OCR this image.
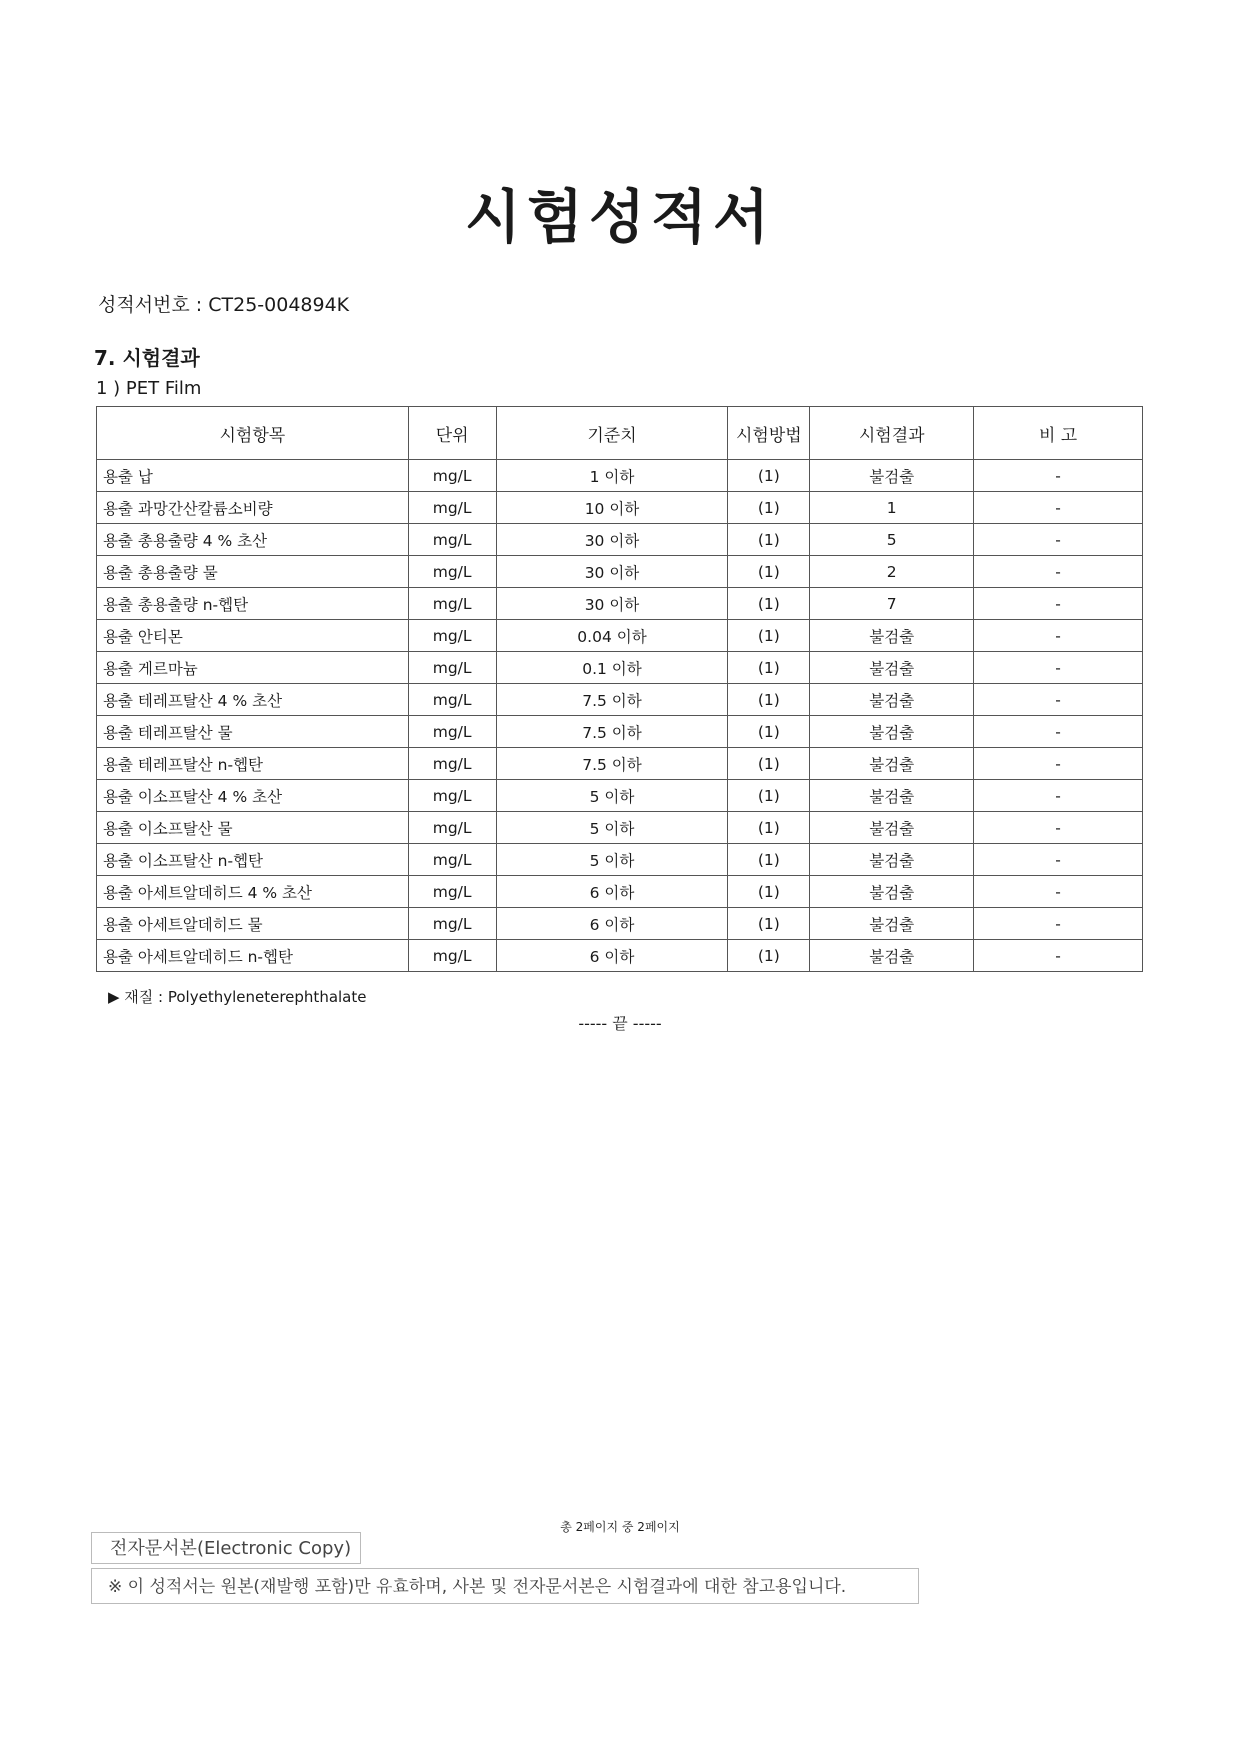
시험성적서
성적서번호 : CT25-004894K
7. 시험결과
1 ) PET Film
시험항목	단위	기준치	시험방법	시험결과	비 고
용출 납	mg/L	1 이하	(1)	불검출	-
용출 과망간산칼륨소비량	mg/L	10 이하	(1)	1	-
용출 총용출량 4 % 초산	mg/L	30 이하	(1)	5	-
용출 총용출량 물	mg/L	30 이하	(1)	2	-
용출 총용출량 n-헵탄	mg/L	30 이하	(1)	7	-
용출 안티몬	mg/L	0.04 이하	(1)	불검출	-
용출 게르마늄	mg/L	0.1 이하	(1)	불검출	-
용출 테레프탈산 4 % 초산	mg/L	7.5 이하	(1)	불검출	-
용출 테레프탈산 물	mg/L	7.5 이하	(1)	불검출	-
용출 테레프탈산 n-헵탄	mg/L	7.5 이하	(1)	불검출	-
용출 이소프탈산 4 % 초산	mg/L	5 이하	(1)	불검출	-
용출 이소프탈산 물	mg/L	5 이하	(1)	불검출	-
용출 이소프탈산 n-헵탄	mg/L	5 이하	(1)	불검출	-
용출 아세트알데히드 4 % 초산	mg/L	6 이하	(1)	불검출	-
용출 아세트알데히드 물	mg/L	6 이하	(1)	불검출	-
용출 아세트알데히드 n-헵탄	mg/L	6 이하	(1)	불검출	-
▶ 재질 : Polyethyleneterephthalate
----- 끝 -----
총 2페이지 중 2페이지
전자문서본(Electronic Copy)
※ 이 성적서는 원본(재발행 포함)만 유효하며, 사본 및 전자문서본은 시험결과에 대한 참고용입니다.
